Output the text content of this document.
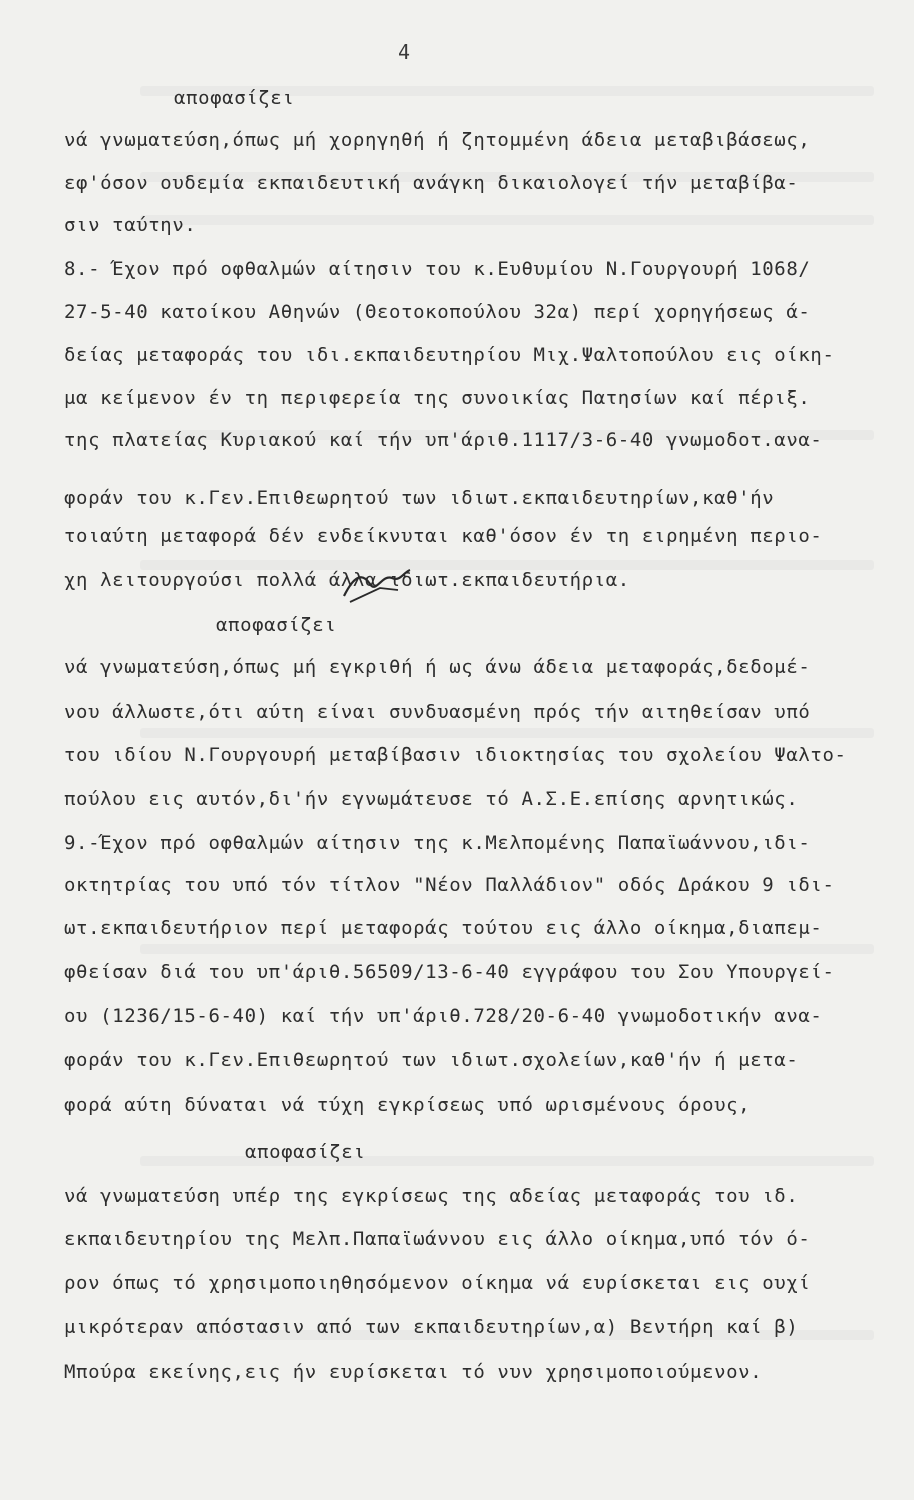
4
αποφασίζει
νά γνωματεύση,όπως μή χορηγηθή ή ζητομμένη άδεια μεταβιβάσεως,
εφ'όσον ουδεμία εκπαιδευτική ανάγκη δικαιολογεί τήν μεταβίβα-
σιν ταύτην.
8.- Έχον πρό οφθαλμών αίτησιν του κ.Ευθυμίου Ν.Γουργουρή 1068/
27-5-40 κατοίκου Αθηνών (Θεοτοκοπούλου 32α) περί χορηγήσεως ά-
δείας μεταφοράς του ιδι.εκπαιδευτηρίου Μιχ.Ψαλτοπούλου εις οίκη-
μα κείμενον έν τη περιφερεία της συνοικίας Πατησίων καί πέριξ.
της πλατείας Κυριακού καί τήν υπ'άριθ.1117/3-6-40 γνωμοδοτ.ανα-
φοράν του κ.Γεν.Επιθεωρητού των ιδιωτ.εκπαιδευτηρίων,καθ'ήν
τοιαύτη μεταφορά δέν ενδείκνυται καθ'όσον έν τη ειρημένη περιο-
χη λειτουργούσι πολλά άλλα ιδιωτ.εκπαιδευτήρια.
αποφασίζει
νά γνωματεύση,όπως μή εγκριθή ή ως άνω άδεια μεταφοράς,δεδομέ-
νου άλλωστε,ότι αύτη είναι συνδυασμένη πρός τήν αιτηθείσαν υπό
του ιδίου Ν.Γουργουρή μεταβίβασιν ιδιοκτησίας του σχολείου Ψαλτο-
πούλου εις αυτόν,δι'ήν εγνωμάτευσε τό Α.Σ.Ε.επίσης αρνητικώς.
9.-Έχον πρό οφθαλμών αίτησιν της κ.Μελπομένης Παπαϊωάννου,ιδι-
οκτητρίας του υπό τόν τίτλον "Νέον Παλλάδιον" οδός Δράκου 9 ιδι-
ωτ.εκπαιδευτήριον περί μεταφοράς τούτου εις άλλο οίκημα,διαπεμ-
φθείσαν διά του υπ'άριθ.56509/13-6-40 εγγράφου του Σου Υπουργεί-
ου (1236/15-6-40) καί τήν υπ'άριθ.728/20-6-40 γνωμοδοτικήν ανα-
φοράν του κ.Γεν.Επιθεωρητού των ιδιωτ.σχολείων,καθ'ήν ή μετα-
φορά αύτη δύναται νά τύχη εγκρίσεως υπό ωρισμένους όρους,
αποφασίζει
νά γνωματεύση υπέρ της εγκρίσεως της αδείας μεταφοράς του ιδ.
εκπαιδευτηρίου της Μελπ.Παπαϊωάννου εις άλλο οίκημα,υπό τόν ό-
ρον όπως τό χρησιμοποιηθησόμενον οίκημα νά ευρίσκεται εις ουχί
μικρότεραν απόστασιν από των εκπαιδευτηρίων,α) Βεντήρη καί β)
Μπούρα εκείνης,εις ήν ευρίσκεται τό νυν χρησιμοποιούμενον.
